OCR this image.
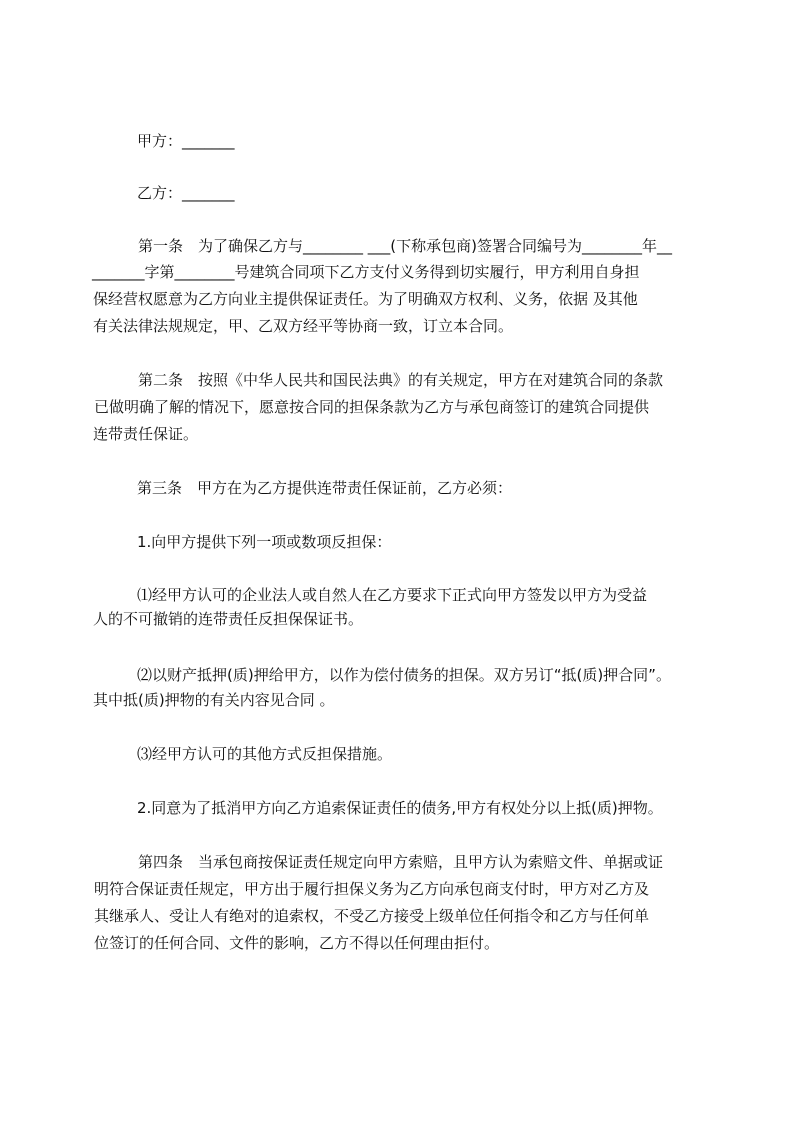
甲方：_______
乙方：_______
第一条　为了确保乙方与________ ___(下称承包商)签署合同编号为________年__
_______字第________号建筑合同项下乙方支付义务得到切实履行，甲方利用自身担
保经营权愿意为乙方向业主提供保证责任。为了明确双方权利、义务，依据 及其他
有关法律法规规定，甲、乙双方经平等协商一致，订立本合同。
第二条　按照《中华人民共和国民法典》的有关规定，甲方在对建筑合同的条款
已做明确了解的情况下，愿意按合同的担保条款为乙方与承包商签订的建筑合同提供
连带责任保证。
第三条　甲方在为乙方提供连带责任保证前，乙方必须：
1.向甲方提供下列一项或数项反担保：
⑴经甲方认可的企业法人或自然人在乙方要求下正式向甲方签发以甲方为受益
人的不可撤销的连带责任反担保保证书。
⑵以财产抵押(质)押给甲方，以作为偿付债务的担保。双方另订“抵(质)押合同”。
其中抵(质)押物的有关内容见合同 。
⑶经甲方认可的其他方式反担保措施。
2.同意为了抵消甲方向乙方追索保证责任的债务,甲方有权处分以上抵(质)押物。
第四条　当承包商按保证责任规定向甲方索赔，且甲方认为索赔文件、单据或证
明符合保证责任规定，甲方出于履行担保义务为乙方向承包商支付时，甲方对乙方及
其继承人、受让人有绝对的追索权，不受乙方接受上级单位任何指令和乙方与任何单
位签订的任何合同、文件的影响，乙方不得以任何理由拒付。
